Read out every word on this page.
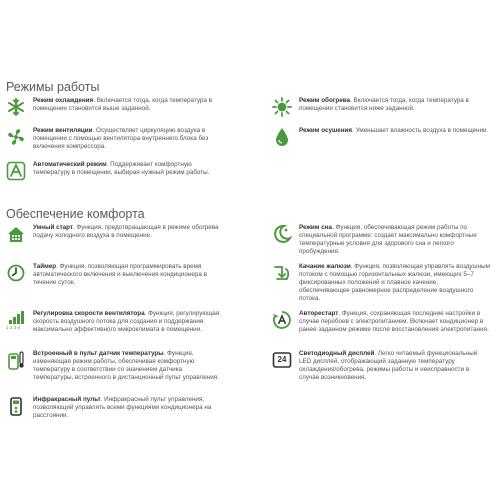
Режимы работы
Режим охлаждения. Включается тогда, когда температура в помещении становится выше заданной.
Режим обогрева. Включается тогда, когда температура в помещении становится ниже заданной.
Режим вентиляции. Осуществляет циркуляцию воздуха в помещении с помощью вентилятора внутреннего блока без включения компрессора.
Режим осушения. Уменьшает влажность воздуха в помещении.
Автоматический режим. Поддерживает комфортную температуру в помещении, выбирая нужный режим работы.
Обеспечение комфорта
Умный старт. Функция, предотвращающая в режиме обогрева подачу холодного воздуха в помещение.
Режим сна. Функция, обеспечивающая режим работы по специальной программе: создает максимально комфортные температурные условия для здорового сна и легкого пробуждения.
Таймер. Функция, позволяющая программировать время автоматического включения и выключения кондиционера в течение суток.
Качание жалюзи. Функция, позволяющая управлять воздушным потоком с помощью горизонтальных жалюзи, имеющих 5–7 фиксированных положений и плавное качение, обеспечивающее равномерное распределение воздушного потока.
1·2·3·4
Регулировка скорости вентилятора. Функция, регулирующая скорость воздушного потока для создания и поддержания максимально эффективного микроклимата в помещении.
Авторестарт. Функция, сохраняющая последние настройки в случае перебоев с электропитанием. Включает кондиционер в ранее заданном режиме после восстановления электропитания.
Встроенный в пульт датчик температуры. Функция, изменяющая режим работы, обеспечивая комфортную температуру в соответствии со значением датчика температуры, встроенного в дистанционный пульт управления.
24
Светодиодный дисплей. Легко читаемый функциональный LED дисплей, отображающий заданную температуру охлаждения/обогрева, режимы работы и неисправности в случае возникновения.
Инфракрасный пульт. Инфракрасный пульт управления, позволяющий управлять всеми функциями кондиционера на расстоянии.
